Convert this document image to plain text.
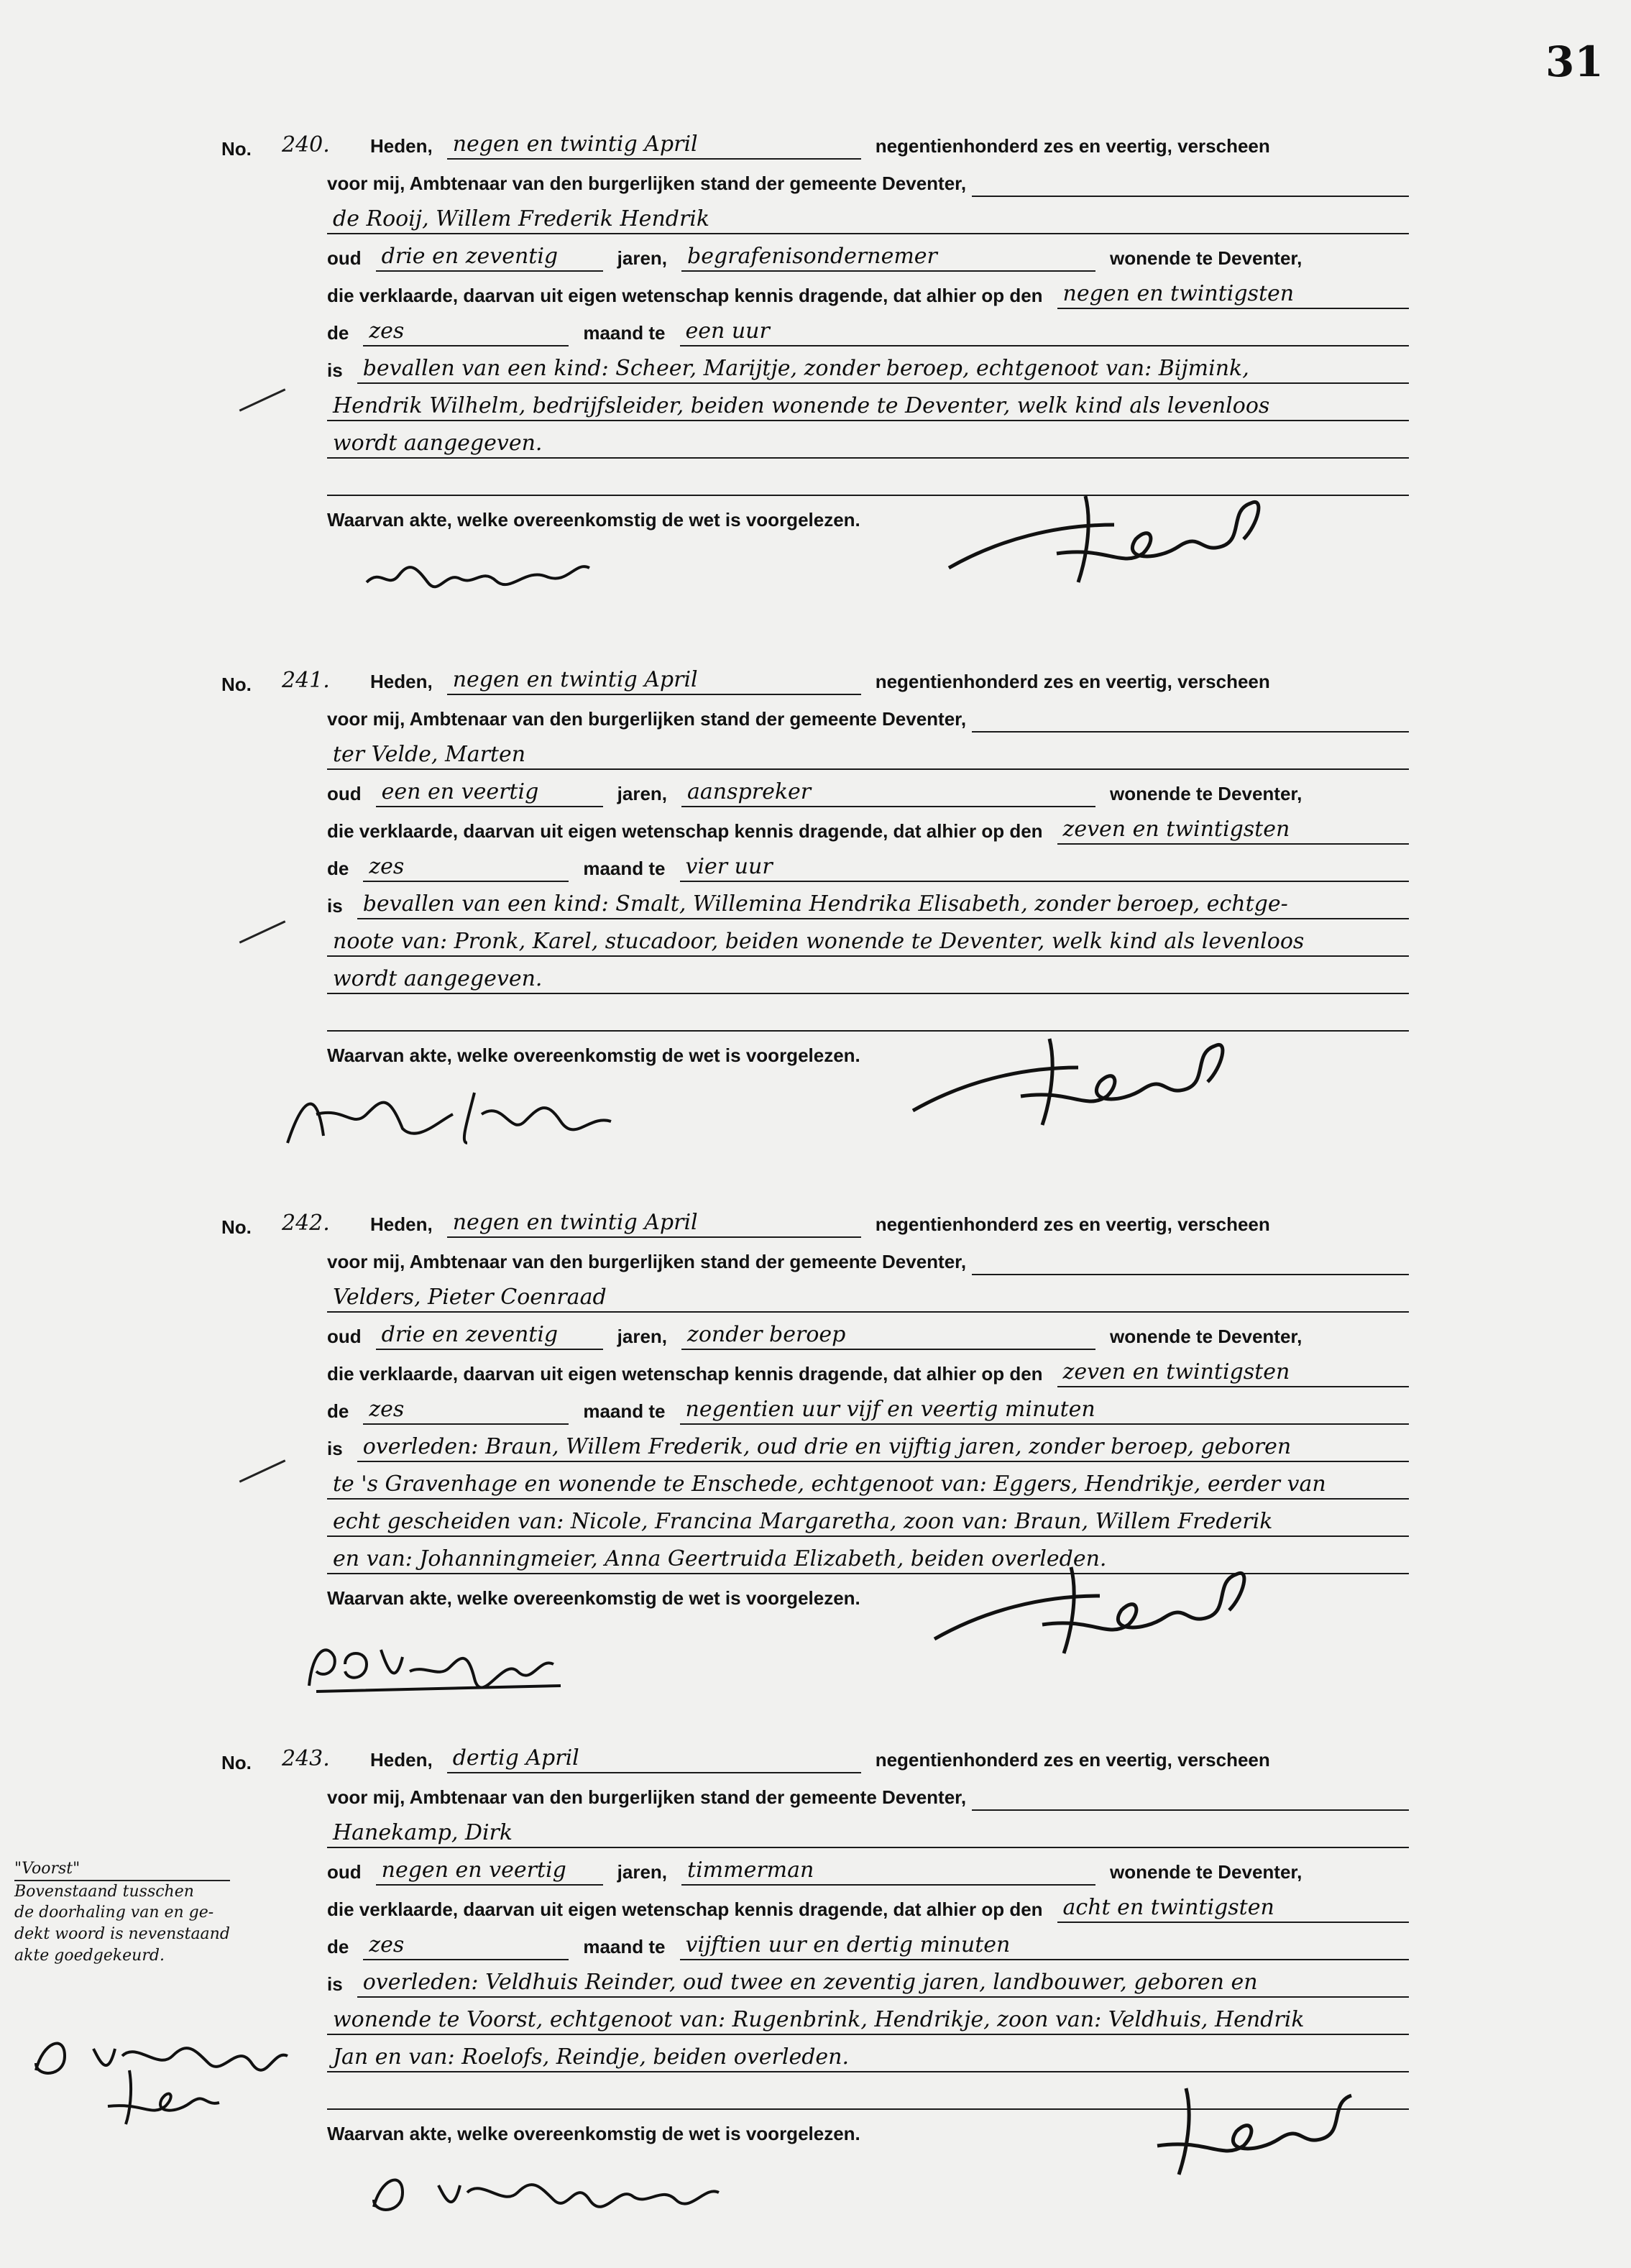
31
No. 240. Heden, negen en twintig April	negentienhonderd zes en veertig, verscheen
voor mij, Ambtenaar van den burgerlijken stand der gemeente Deventer,
de Rooij, Willem Frederik Hendrik
oud drie en zeventig	jaren, begrafenisondernemer	wonende te Deventer,
die verklaarde, daarvan uit eigen wetenschap kennis dragende, dat alhier op den negen en twintigsten
de zes	maand te een uur
is bevallen van een kind: Scheer, Marijtje, zonder beroep, echtgenoot van: Bijmink,
Hendrik Wilhelm, bedrijfsleider, beiden wonende te Deventer, welk kind als levenloos
wordt aangegeven.
Waarvan akte, welke overeenkomstig de wet is voorgelezen.
No. 241. Heden, negen en twintig April	negentienhonderd zes en veertig, verscheen
voor mij, Ambtenaar van den burgerlijken stand der gemeente Deventer,
ter Velde, Marten
oud een en veertig	jaren, aanspreker	wonende te Deventer,
die verklaarde, daarvan uit eigen wetenschap kennis dragende, dat alhier op den zeven en twintigsten
de zes	maand te vier uur
is bevallen van een kind: Smalt, Willemina Hendrika Elisabeth, zonder beroep, echtge-
noote van: Pronk, Karel, stucadoor, beiden wonende te Deventer, welk kind als levenloos
wordt aangegeven.
Waarvan akte, welke overeenkomstig de wet is voorgelezen.
No. 242. Heden, negen en twintig April	negentienhonderd zes en veertig, verscheen
voor mij, Ambtenaar van den burgerlijken stand der gemeente Deventer,
Velders, Pieter Coenraad
oud drie en zeventig	jaren, zonder beroep	wonende te Deventer,
die verklaarde, daarvan uit eigen wetenschap kennis dragende, dat alhier op den zeven en twintigsten
de zes	maand te negentien uur vijf en veertig minuten
is overleden: Braun, Willem Frederik, oud drie en vijftig jaren, zonder beroep, geboren
te 's Gravenhage en wonende te Enschede, echtgenoot van: Eggers, Hendrikje, eerder van
echt gescheiden van: Nicole, Francina Margaretha, zoon van: Braun, Willem Frederik
en van: Johanningmeier, Anna Geertruida Elizabeth, beiden overleden.
Waarvan akte, welke overeenkomstig de wet is voorgelezen.
No. 243. Heden, dertig April	negentienhonderd zes en veertig, verscheen
voor mij, Ambtenaar van den burgerlijken stand der gemeente Deventer,
Hanekamp, Dirk
oud negen en veertig	jaren, timmerman	wonende te Deventer,
die verklaarde, daarvan uit eigen wetenschap kennis dragende, dat alhier op den acht en twintigsten
de zes	maand te vijftien uur en dertig minuten
is overleden: Veldhuis Reinder, oud twee en zeventig jaren, landbouwer, geboren en
wonende te Voorst, echtgenoot van: Rugenbrink, Hendrikje, zoon van: Veldhuis, Hendrik
Jan en van: Roelofs, Reindje, beiden overleden.
Waarvan akte, welke overeenkomstig de wet is voorgelezen.
"Voorst"
Bovenstaand tusschen
de doorhaling van en ge-
dekt woord is nevenstaand
akte goedgekeurd.
